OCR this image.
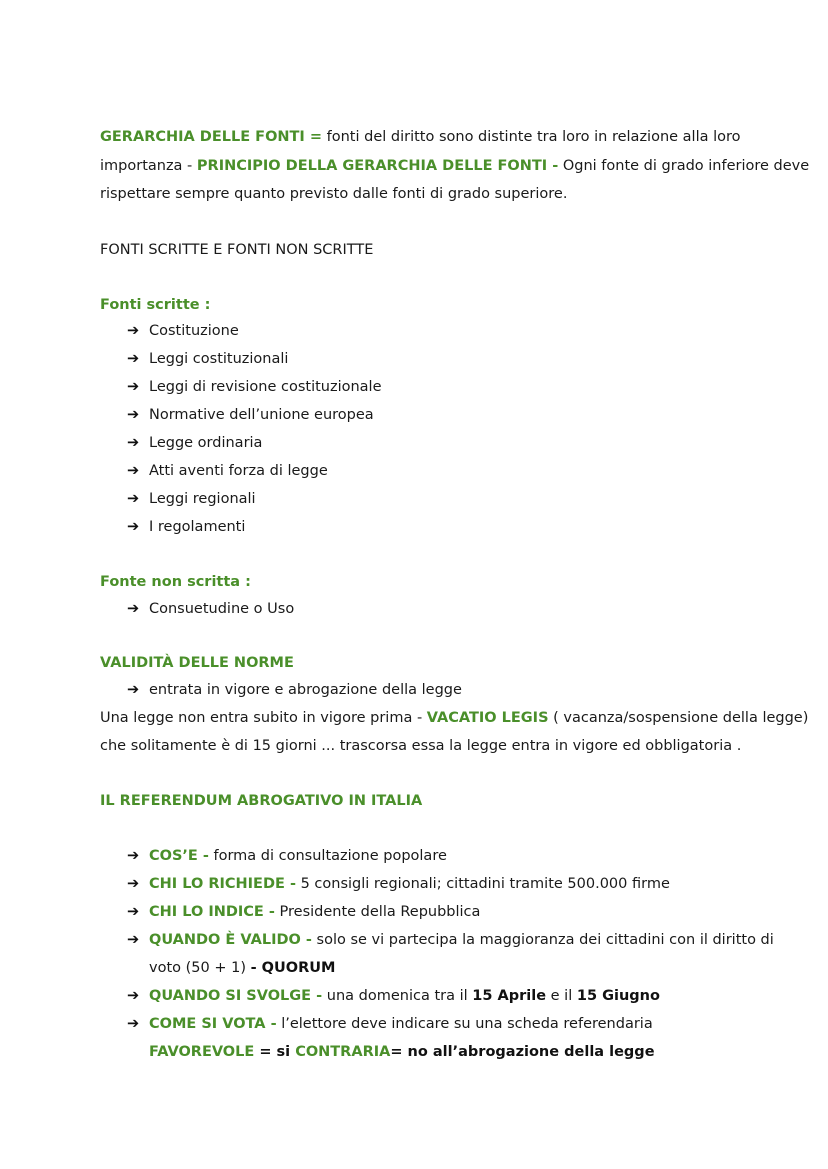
GERARCHIA DELLE FONTI = fonti del diritto sono distinte tra loro in relazione alla loro
importanza - PRINCIPIO DELLA GERARCHIA DELLE FONTI - Ogni fonte di grado inferiore deve
rispettare sempre quanto previsto dalle fonti di grado superiore.
FONTI SCRITTE E FONTI NON SCRITTE
Fonti scritte :
➔ Costituzione
➔ Leggi costituzionali
➔ Leggi di revisione costituzionale
➔ Normative dell’unione europea
➔ Legge ordinaria
➔ Atti aventi forza di legge
➔ Leggi regionali
➔ I regolamenti
Fonte non scritta :
➔ Consuetudine o Uso
VALIDITÀ DELLE NORME
➔ entrata in vigore e abrogazione della legge
Una legge non entra subito in vigore prima - VACATIO LEGIS ( vacanza/sospensione della legge)
che solitamente è di 15 giorni ... trascorsa essa la legge entra in vigore ed obbligatoria .
IL REFERENDUM ABROGATIVO IN ITALIA
➔ COS’E - forma di consultazione popolare
➔ CHI LO RICHIEDE - 5 consigli regionali; cittadini tramite 500.000 firme
➔ CHI LO INDICE - Presidente della Repubblica
➔ QUANDO È VALIDO - solo se vi partecipa la maggioranza dei cittadini con il diritto di
voto (50 + 1) - QUORUM
➔ QUANDO SI SVOLGE - una domenica tra il 15 Aprile e il 15 Giugno
➔ COME SI VOTA - l’elettore deve indicare su una scheda referendaria
FAVOREVOLE = si CONTRARIA= no all’abrogazione della legge
